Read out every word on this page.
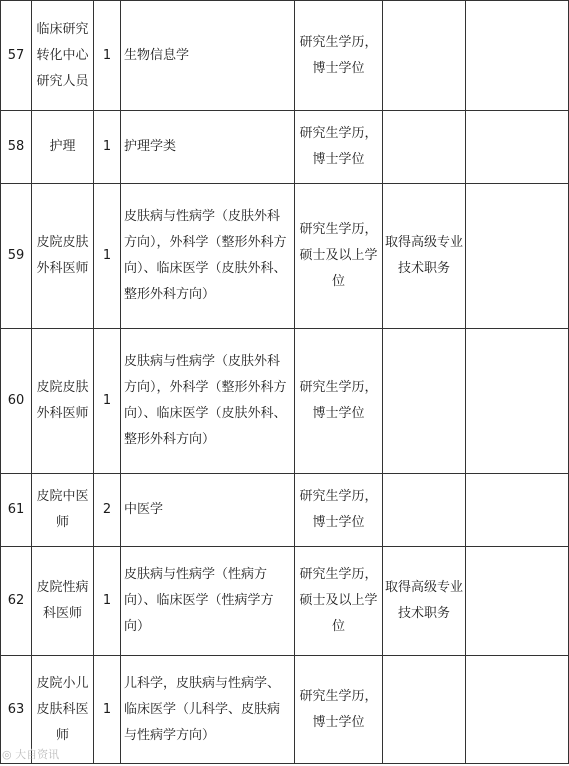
57	临床研究转化中心研究人员	1	生物信息学	研究生学历，博士学位		
58	护理	1	护理学类	研究生学历，博士学位		
59	皮院皮肤外科医师	1	皮肤病与性病学（皮肤外科方向），外科学（整形外科方向）、临床医学（皮肤外科、整形外科方向）	研究生学历，硕士及以上学位	取得高级专业技术职务	
60	皮院皮肤外科医师	1	皮肤病与性病学（皮肤外科方向），外科学（整形外科方向）、临床医学（皮肤外科、整形外科方向）	研究生学历，博士学位		
61	皮院中医师	2	中医学	研究生学历，博士学位		
62	皮院性病科医师	1	皮肤病与性病学（性病方向）、临床医学（性病学方向）	研究生学历，硕士及以上学位	取得高级专业技术职务	
63	皮院小儿皮肤科医师	1	儿科学，皮肤病与性病学、临床医学（儿科学、皮肤病与性病学方向）	研究生学历，博士学位		
◎ 大自资讯
